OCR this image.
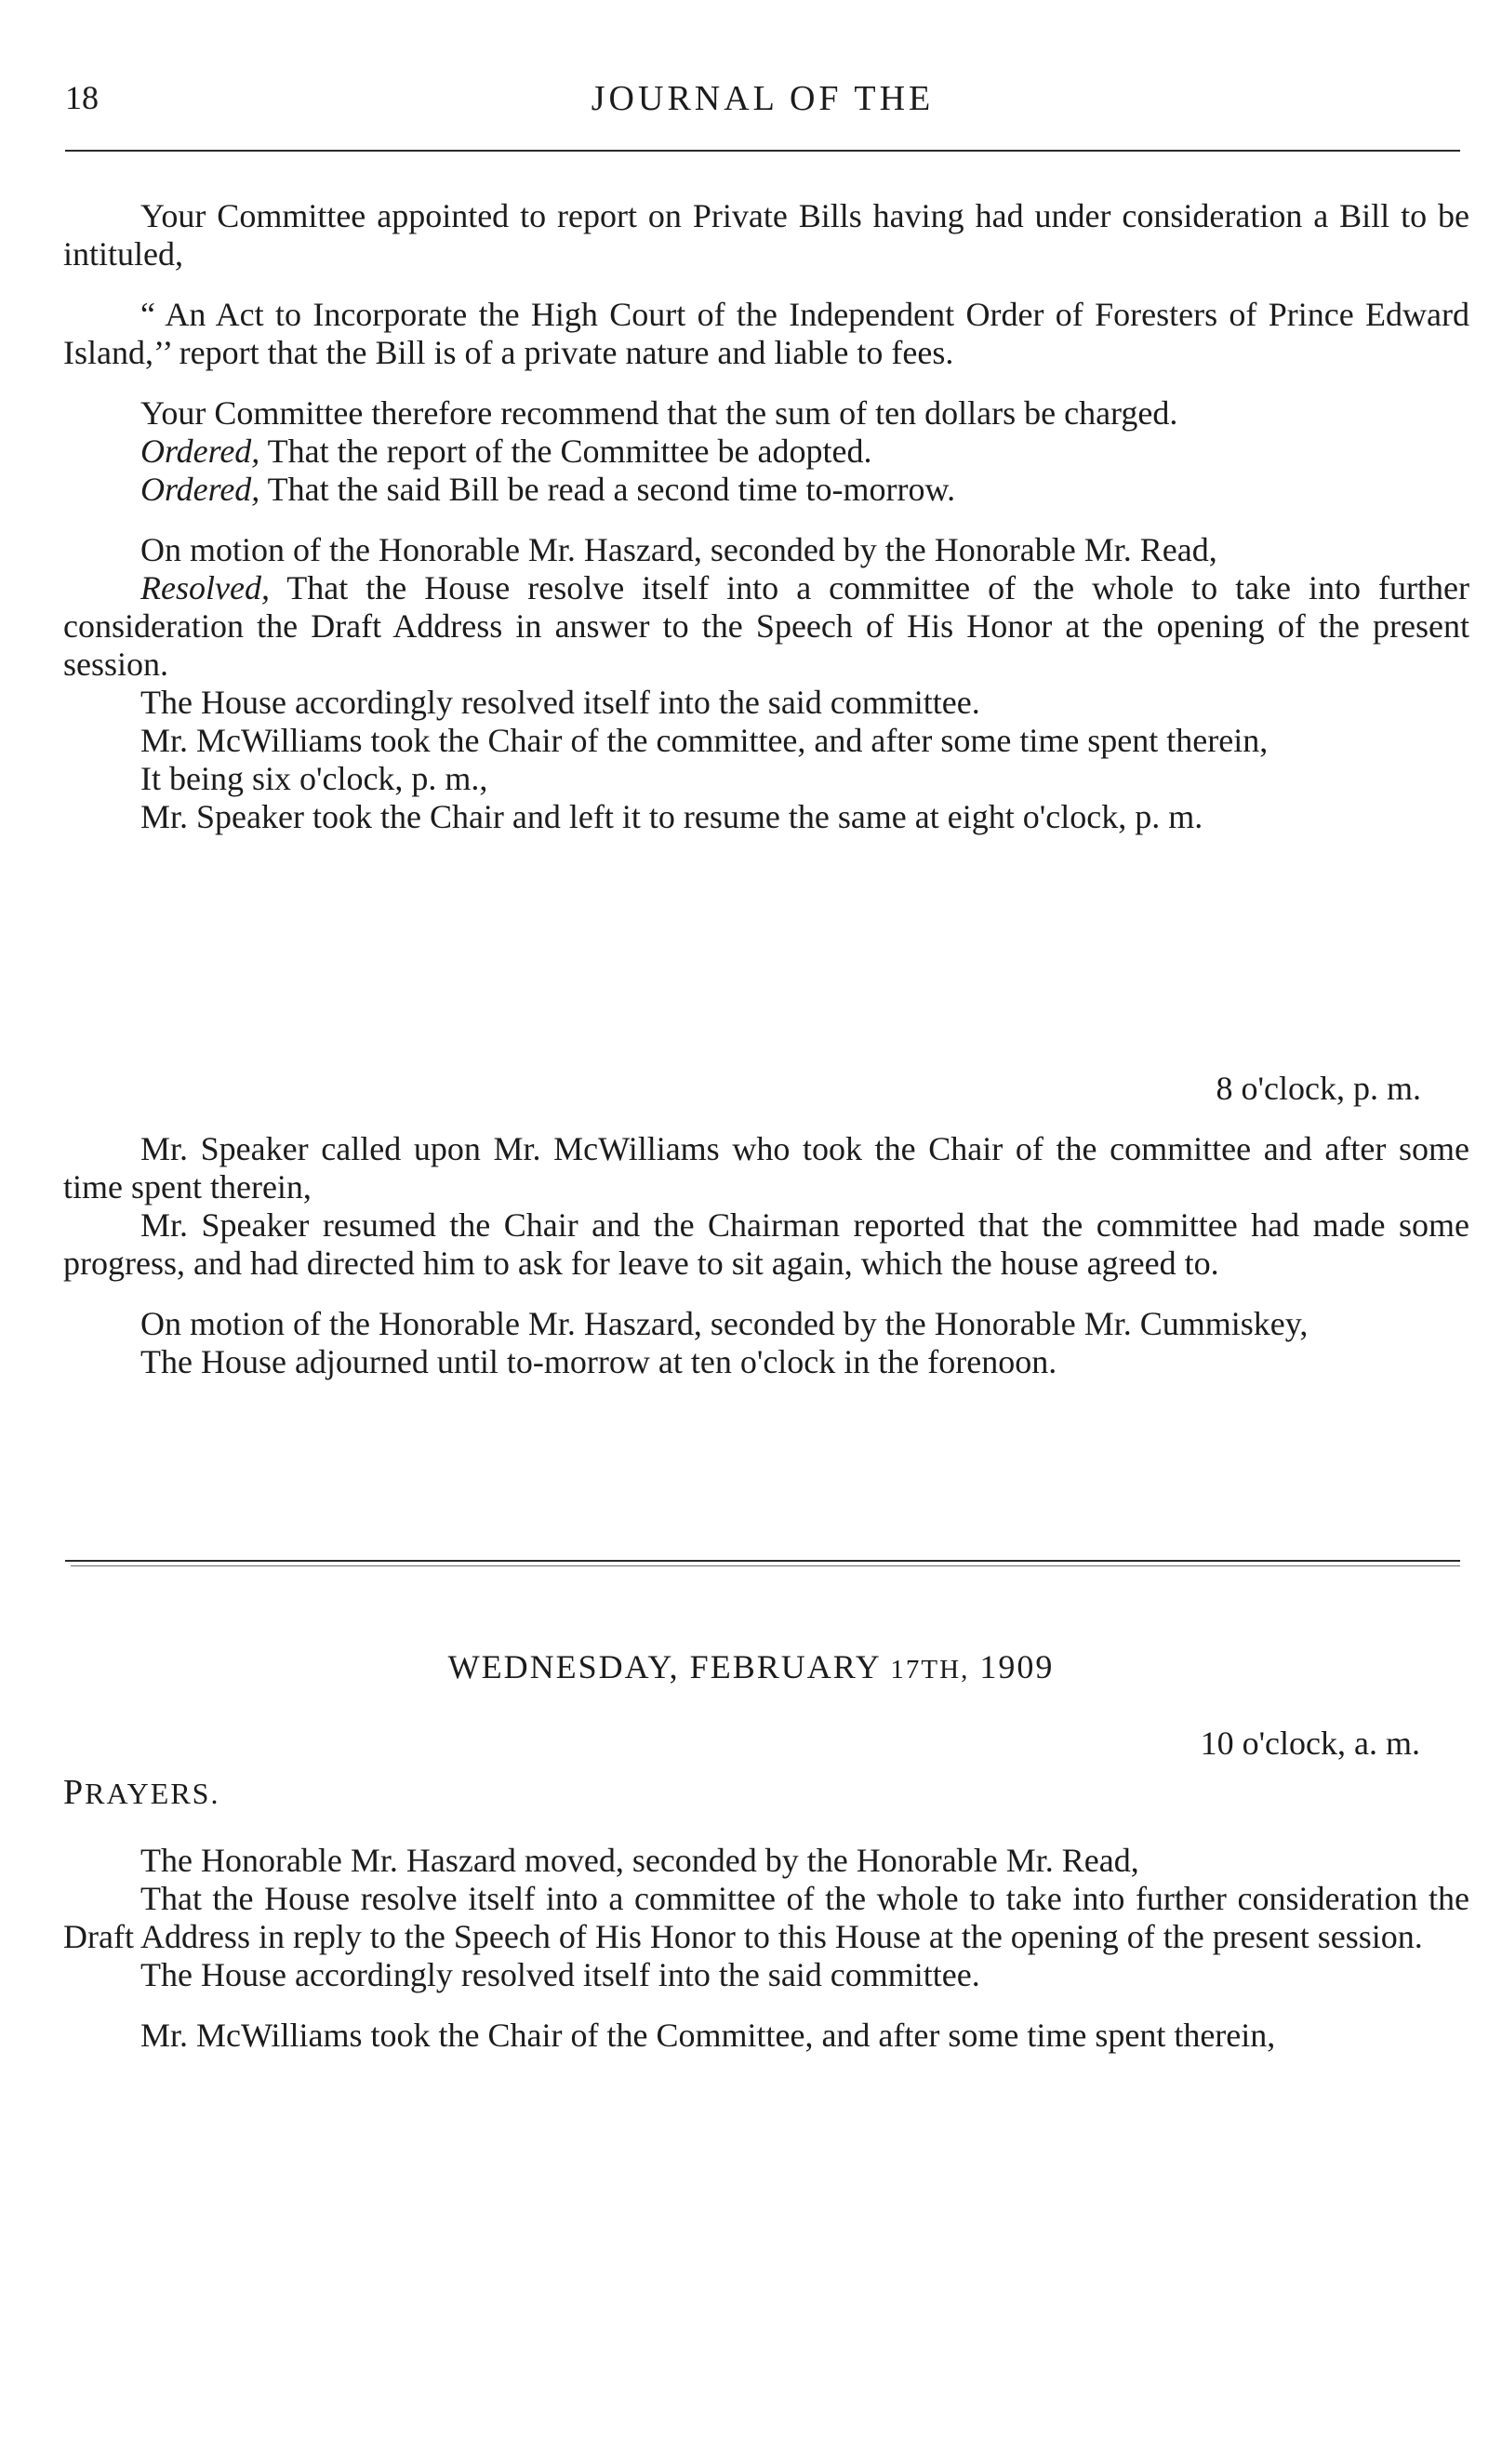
18	JOURNAL OF THE

Your Committee appointed to report on Private Bills having had under consideration a Bill to be intituled,

“ An Act to Incorporate the High Court of the Independent Order of Foresters of Prince Edward Island,’’ report that the Bill is of a private nature and liable to fees.

Your Committee therefore recommend that the sum of ten dollars be charged.

Ordered, That the report of the Committee be adopted.

Ordered, That the said Bill be read a second time to-morrow.

On motion of the Honorable Mr. Haszard, seconded by the Honorable Mr. Read,

Resolved, That the House resolve itself into a committee of the whole to take into further consideration the Draft Address in answer to the Speech of His Honor at the opening of the present session.

The House accordingly resolved itself into the said committee.

Mr. McWilliams took the Chair of the committee, and after some time spent therein,

It being six o'clock, p. m.,

Mr. Speaker took the Chair and left it to resume the same at eight o'clock, p. m.

8 o'clock, p. m.

Mr. Speaker called upon Mr. McWilliams who took the Chair of the committee and after some time spent therein,

Mr. Speaker resumed the Chair and the Chairman reported that the committee had made some progress, and had directed him to ask for leave to sit again, which the house agreed to.

On motion of the Honorable Mr. Haszard, seconded by the Honorable Mr. Cummiskey,

The House adjourned until to-morrow at ten o'clock in the forenoon.

WEDNESDAY, FEBRUARY 17TH, 1909
10 o'clock, a. m.
PRAYERS.

The Honorable Mr. Haszard moved, seconded by the Honorable Mr. Read,

That the House resolve itself into a committee of the whole to take into further consideration the Draft Address in reply to the Speech of His Honor to this House at the opening of the present session.

The House accordingly resolved itself into the said committee.

Mr. McWilliams took the Chair of the Committee, and after some time spent therein,
